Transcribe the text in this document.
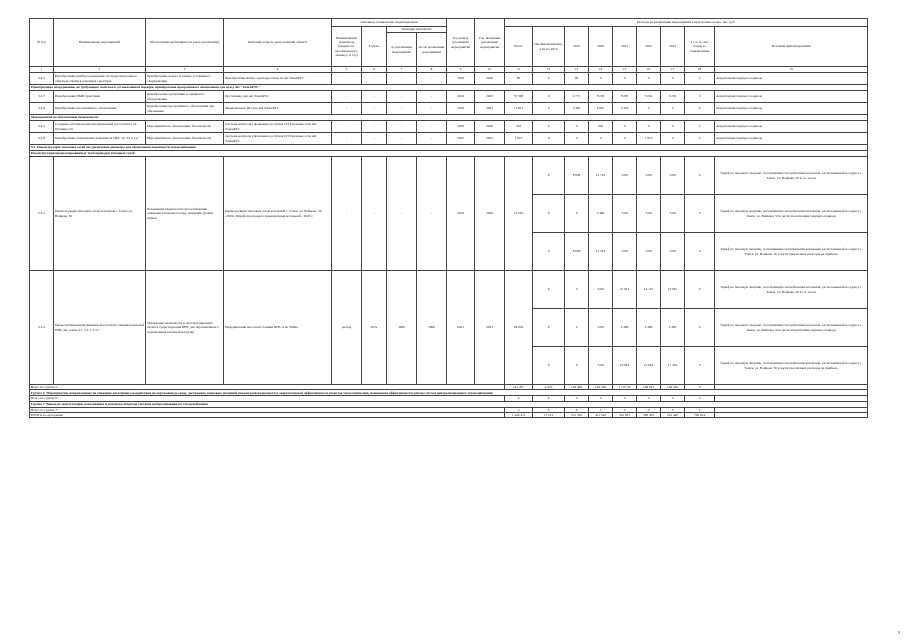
№ п/п	Наименование мероприятий	Обоснование необходимости (цель реализации)	Описание и место расположения объекта	Основные технические характеристики				Год начала реализации мероприятия	Год окончания реализации мероприятия	Расходы на реализацию мероприятий в прогнозных ценах, тыс. руб.								
				Наименование показателя (мощность, протяженность, диаметр, и т.п.)	Ед.изм.	Значение показателя				Всего	Профинансировано к 01.01.2019	2019	2020	2021	2022	2023	в т.ч. за счет платы за подключение	Источник финансирования
						до реализации мероприятия	после реализации мероприятия											
1	2	3	4	5	6	7	8	9	10	11	12	13	14	15	16	17	18	19
5.2.3	Приобретение прибора измерения, не предусмотренного обязательствами в основных средствах	Приобретение нового и замена устаревшего оборудования	Приобретение Рейдо-тракторы Газен 10 АО ТомскРТС	-	-	-	-	2019	2020	85	0	85	0	0	0	0	0	Амортизация текущего периода
Приобретение оборудования, не требующего монтажа в установленном порядке, приобретение программного обеспечения для нужд АО "ТомскРТС"																		
5.2.5	Приобретение ПМИ приставки	Приобретение оргтехники и серверного оборудования	Оргтехника для АО ТомскРТС	-	-	-	-	2019	2023	37 568	0	4 771	8 233	8 297	5 054	6 253	0	Амортизация текущего периода
5.2.6	Приобретение программного обеспечения	Приобретение программного обеспечения для обновления	Лицензионное ПО для АО ТомскРТС	-	-	-	-	2019	2021	14 813	0	5 400	6 097	3 316	0	0	0	Амортизация текущего периода
Мероприятия по обеспечению безопасности																		
5.2.5	Создание системы контроля управления доступом по ул. Пушкина 25	Мероприятия по обеспечению безопасности	Система контроля управления доступом СП Тепловые сети АО ТомскРТС	-	-	-	-	2020	2020	416	0	0	416	0	0	0	0	Амортизация текущего периода
5.2.6	Приобретение технических комплексов ОКЗ "ул. 35 и т.д."	Мероприятия по обеспечению безопасности	Система контроля управления доступом СП Тепловые сети АО ТомскРТС	-	-	-	-	2022	2022	1 913	0	0	0	0	1 913	0	0	Амортизация текущего периода
5.3. Реконструкция тепловых сетей без увеличения диаметра для обеспечения надежности теплоснабжения																		
Реконструкция предизолированных трубопроводов тепловых сетей																		
5.3.1	Реконструкция тепловых сетей котельной г. Томск ул. Войкова, 50	Повышение надежности теплоснабжения, снижение тепловых потерь, снижение уровня шумов	Реконструкция тепловых сетей котельной г. Томск, ул. Войкова, 50 -2019г. Разработка проекта переключения котельной - 2020 г.	-	-	-	-	2019	2020	21 502	0	8 840	12 743	0,00	0,00	0,00	0	Тариф на тепловую энергию, поставляемую потребителям котельной, расположенной по адресу г. Томск, ул. Войкова, 50 в т.ч. части
											0	0	2 480	0,00	0,00	0,00	0	Тариф на тепловую энергию, поставляемую потребителям котельной, расположенной по адресу г. Томск, ул. Войкова, 50 в части амортизации текущего периода
											0	8 840	15 223	0,00	0,00	0,00	0	Тариф на тепловую энергию, поставляемую потребителям котельной, расположенной по адресу г. Томск, ул. Войкова, 50 в части прогнозных расходов на прибыль
5.3.2	Реконструкция циркуляционной насосной станции котельной ПНС-4м, этапы 5.1, 5.2.1, 5.3.1	Увеличение надежности и эксплуатационных свойств существующей ПНС для перспективного подключения тепловой нагрузки	Модернизация насосной станции ПНС-4 по ТМКа	расход	м3/ч	3000	3600	2021	2023	66 094	0	0	0,00	21 813	14 125	19 901	0	Тариф на тепловую энергию, поставляемую потребителям котельной, расположенной по адресу г. Томск, ул. Войкова, 50 в т.ч. части
											0	0	0,00	2 480	2 480	2 405	0	Тариф на тепловую энергию, поставляемую потребителям котельной, расположенной по адресу г. Томск, ул. Войкова, 50 в части амортизации текущего периода
											0	0	0,00	19 823	21 644	17 435	0	Тариф на тепловую энергию, поставляемую потребителям котельной, расположенной по адресу г. Томск, ул. Войкова, 50 в части прогнозных расходов на прибыль
Всего по группе 5:										721 457	4 470	128 409	183 528	1 157 00	166 815	146 255	0	
Группа 6. Мероприятия, направленные на снижение негативного воздействия на окружающую среду, достижение плановых значений показателей надежности и энергетической эффективности объектов теплоснабжения, повышение эффективности работы систем централизованного теплоснабжения																		
Всего по группе 6:										0	0	0	0	0	0	0	0	
Группа 7. Вывод из эксплуатации, консервация и демонтаж объектов системы централизованного теплоснабжения																		
Всего по группе 7:										0	0	0	0	0	0	0	0	
ИТОГО по программе										1 406 474	15 213	351 326	411 546	341 951	290 302	261 446	799 814	
9
